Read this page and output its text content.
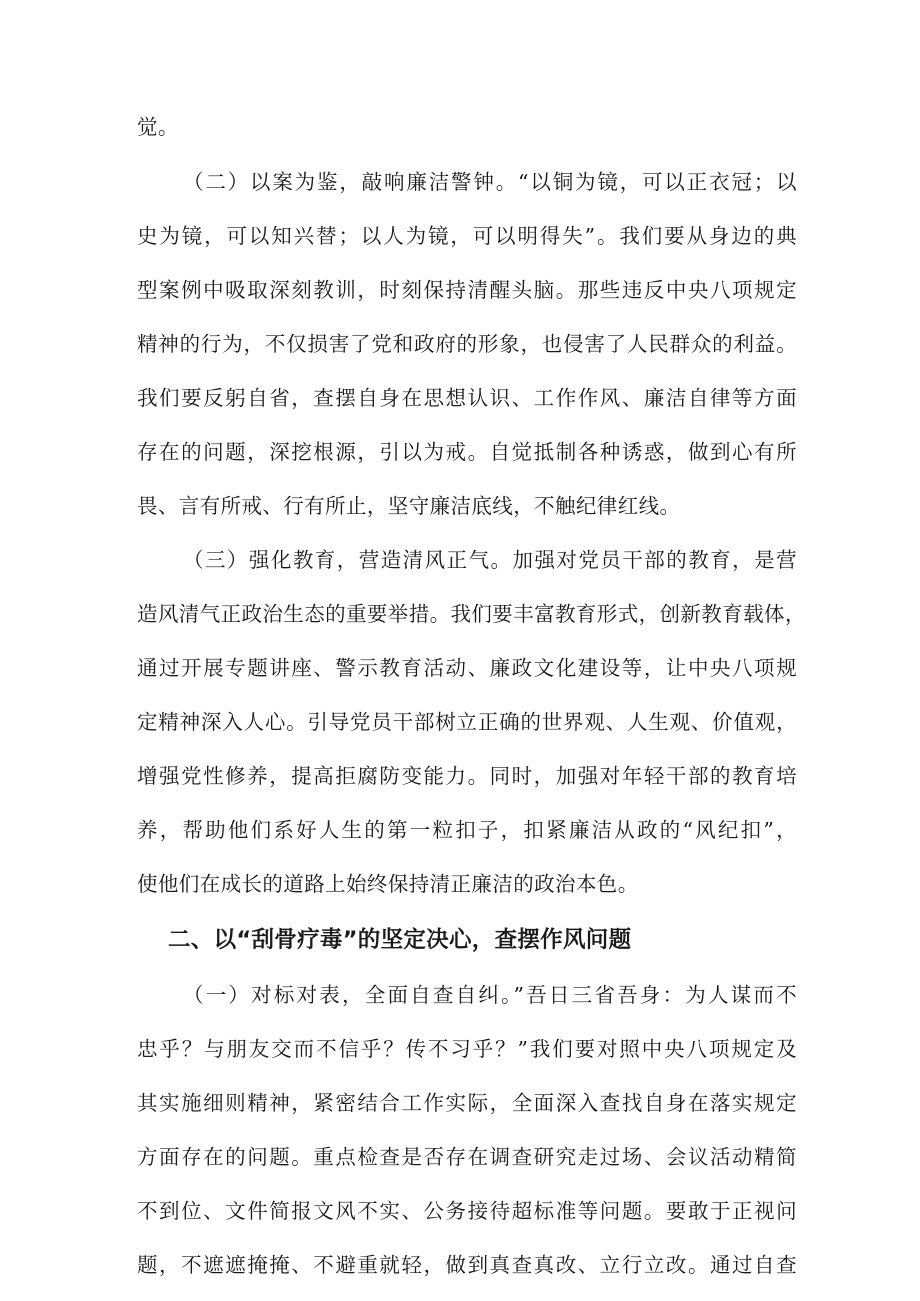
觉。
（二）以案为鉴，敲响廉洁警钟。“以铜为镜，可以正衣冠；以
史为镜，可以知兴替；以人为镜，可以明得失”。我们要从身边的典
型案例中吸取深刻教训，时刻保持清醒头脑。那些违反中央八项规定
精神的行为，不仅损害了党和政府的形象，也侵害了人民群众的利益。
我们要反躬自省，查摆自身在思想认识、工作作风、廉洁自律等方面
存在的问题，深挖根源，引以为戒。自觉抵制各种诱惑，做到心有所
畏、言有所戒、行有所止，坚守廉洁底线，不触纪律红线。
（三）强化教育，营造清风正气。加强对党员干部的教育，是营
造风清气正政治生态的重要举措。我们要丰富教育形式，创新教育载体，
通过开展专题讲座、警示教育活动、廉政文化建设等，让中央八项规
定精神深入人心。引导党员干部树立正确的世界观、人生观、价值观，
增强党性修养，提高拒腐防变能力。同时，加强对年轻干部的教育培
养，帮助他们系好人生的第一粒扣子，扣紧廉洁从政的“风纪扣”，
使他们在成长的道路上始终保持清正廉洁的政治本色。
二、以“刮骨疗毒”的坚定决心，查摆作风问题
（一）对标对表，全面自查自纠。”吾日三省吾身：为人谋而不
忠乎？与朋友交而不信乎？传不习乎？”我们要对照中央八项规定及
其实施细则精神，紧密结合工作实际，全面深入查找自身在落实规定
方面存在的问题。重点检查是否存在调查研究走过场、会议活动精简
不到位、文件简报文风不实、公务接待超标准等问题。要敢于正视问
题，不遮遮掩掩、不避重就轻，做到真查真改、立行立改。通过自查
